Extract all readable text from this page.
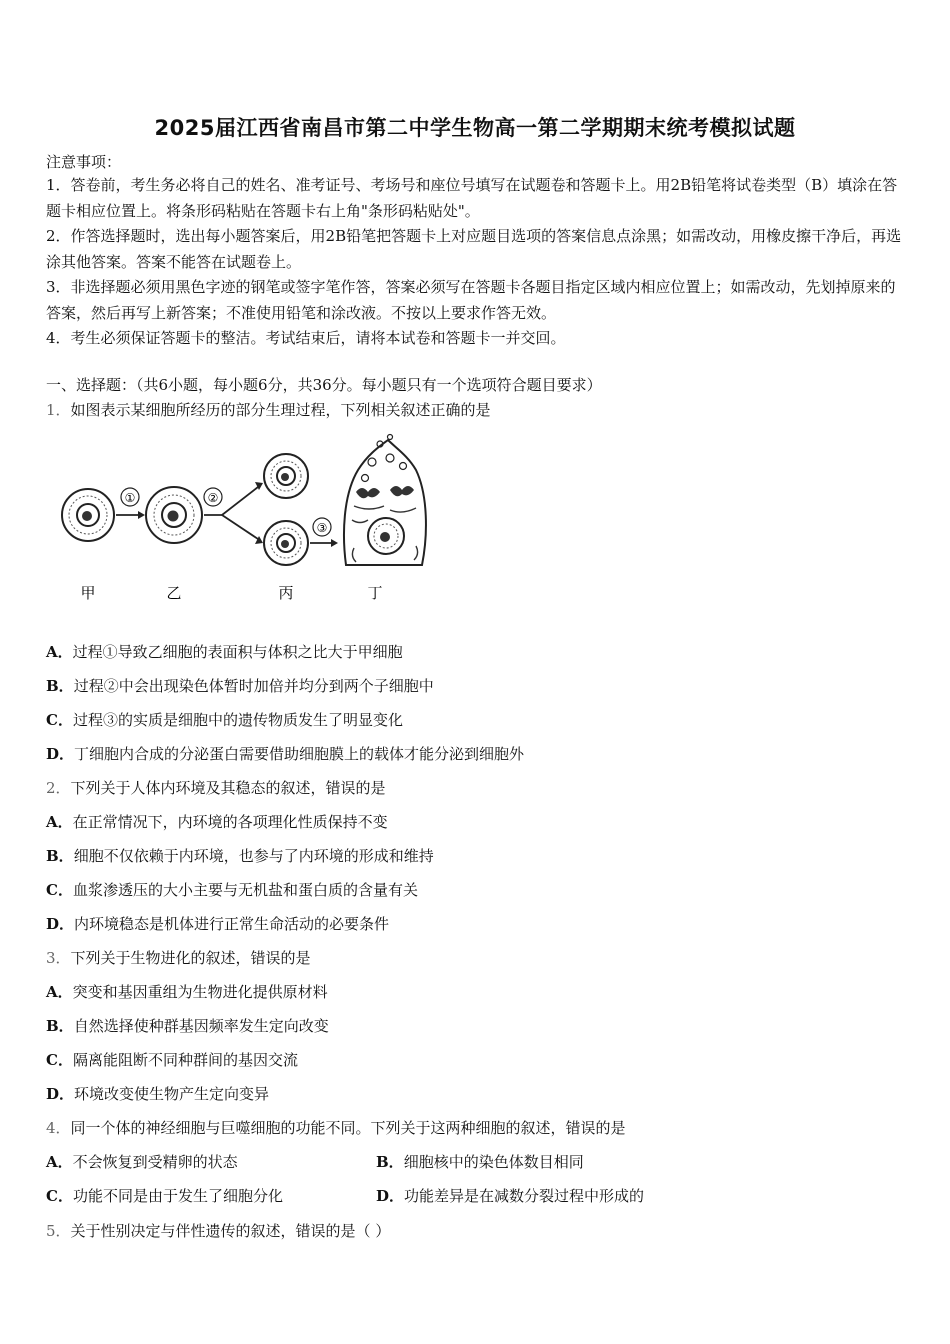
2025届江西省南昌市第二中学生物高一第二学期期末统考模拟试题
注意事项：

1．答卷前，考生务必将自己的姓名、准考证号、考场号和座位号填写在试题卷和答题卡上。用2B铅笔将试卷类型（B）填涂在答题卡相应位置上。将条形码粘贴在答题卡右上角"条形码粘贴处"。

2．作答选择题时，选出每小题答案后，用2B铅笔把答题卡上对应题目选项的答案信息点涂黑；如需改动，用橡皮擦干净后，再选涂其他答案。答案不能答在试题卷上。

3．非选择题必须用黑色字迹的钢笔或签字笔作答，答案必须写在答题卡各题目指定区域内相应位置上；如需改动，先划掉原来的答案，然后再写上新答案；不准使用铅笔和涂改液。不按以上要求作答无效。

4．考生必须保证答题卡的整洁。考试结束后，请将本试卷和答题卡一并交回。

一、选择题：（共6小题，每小题6分，共36分。每小题只有一个选项符合题目要求）
1．如图表示某细胞所经历的部分生理过程，下列相关叙述正确的是
①	②
③
甲	乙	丙	丁
A．过程①导致乙细胞的表面积与体积之比大于甲细胞
B．过程②中会出现染色体暂时加倍并均分到两个子细胞中
C．过程③的实质是细胞中的遗传物质发生了明显变化
D．丁细胞内合成的分泌蛋白需要借助细胞膜上的载体才能分泌到细胞外
2．下列关于人体内环境及其稳态的叙述，错误的是
A．在正常情况下，内环境的各项理化性质保持不变
B．细胞不仅依赖于内环境，也参与了内环境的形成和维持
C．血浆渗透压的大小主要与无机盐和蛋白质的含量有关
D．内环境稳态是机体进行正常生命活动的必要条件
3．下列关于生物进化的叙述，错误的是
A．突变和基因重组为生物进化提供原材料
B．自然选择使种群基因频率发生定向改变
C．隔离能阻断不同种群间的基因交流
D．环境改变使生物产生定向变异
4．同一个体的神经细胞与巨噬细胞的功能不同。下列关于这两种细胞的叙述，错误的是
A．不会恢复到受精卵的状态	B．细胞核中的染色体数目相同
C．功能不同是由于发生了细胞分化	D．功能差异是在减数分裂过程中形成的
5．关于性别决定与伴性遗传的叙述，错误的是（ ）
